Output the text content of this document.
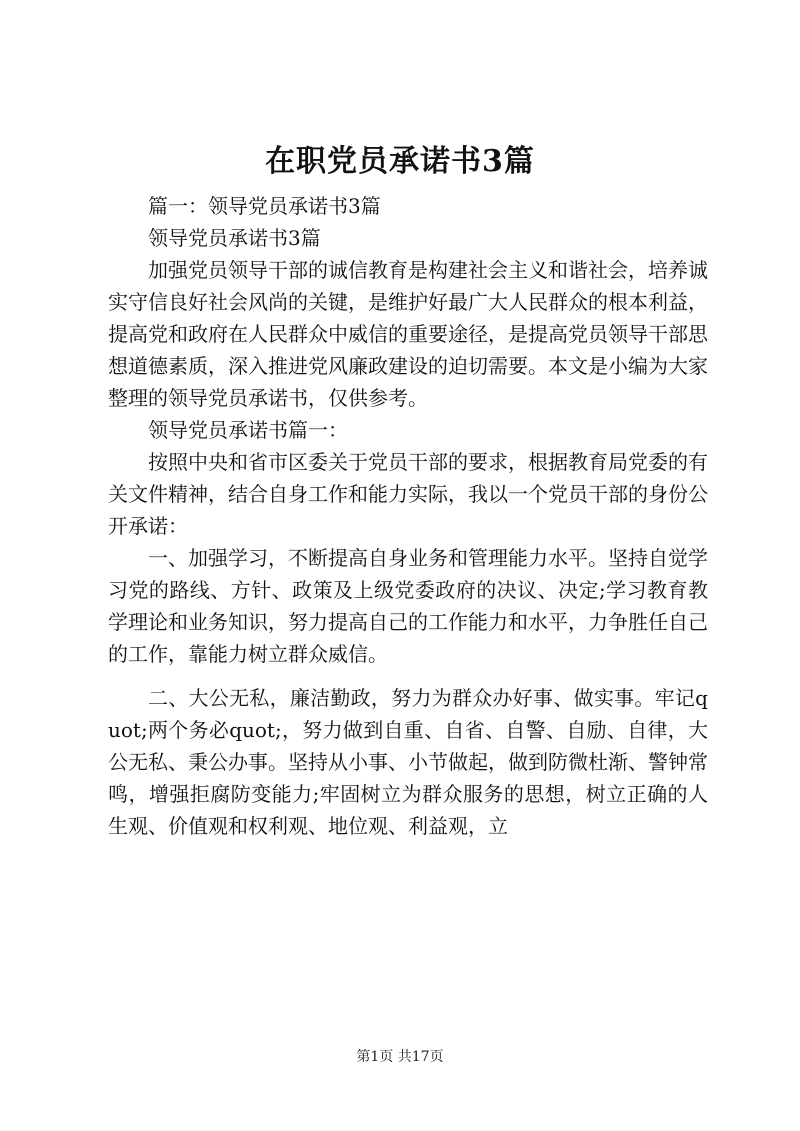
在职党员承诺书3篇

篇一：领导党员承诺书3篇

领导党员承诺书3篇

加强党员领导干部的诚信教育是构建社会主义和谐社会，培养诚实守信良好社会风尚的关键，是维护好最广大人民群众的根本利益，提高党和政府在人民群众中威信的重要途径，是提高党员领导干部思想道德素质，深入推进党风廉政建设的迫切需要。本文是小编为大家整理的领导党员承诺书，仅供参考。

领导党员承诺书篇一：

按照中央和省市区委关于党员干部的要求，根据教育局党委的有关文件精神，结合自身工作和能力实际，我以一个党员干部的身份公开承诺：

一、加强学习，不断提高自身业务和管理能力水平。坚持自觉学习党的路线、方针、政策及上级党委政府的决议、决定;学习教育教学理论和业务知识，努力提高自己的工作能力和水平，力争胜任自己的工作，靠能力树立群众威信。

二、大公无私，廉洁勤政，努力为群众办好事、做实事。牢记quot;两个务必quot;，努力做到自重、自省、自警、自励、自律，大公无私、秉公办事。坚持从小事、小节做起，做到防微杜渐、警钟常鸣，增强拒腐防变能力;牢固树立为群众服务的思想，树立正确的人生观、价值观和权利观、地位观、利益观，立

第1页 共17页
